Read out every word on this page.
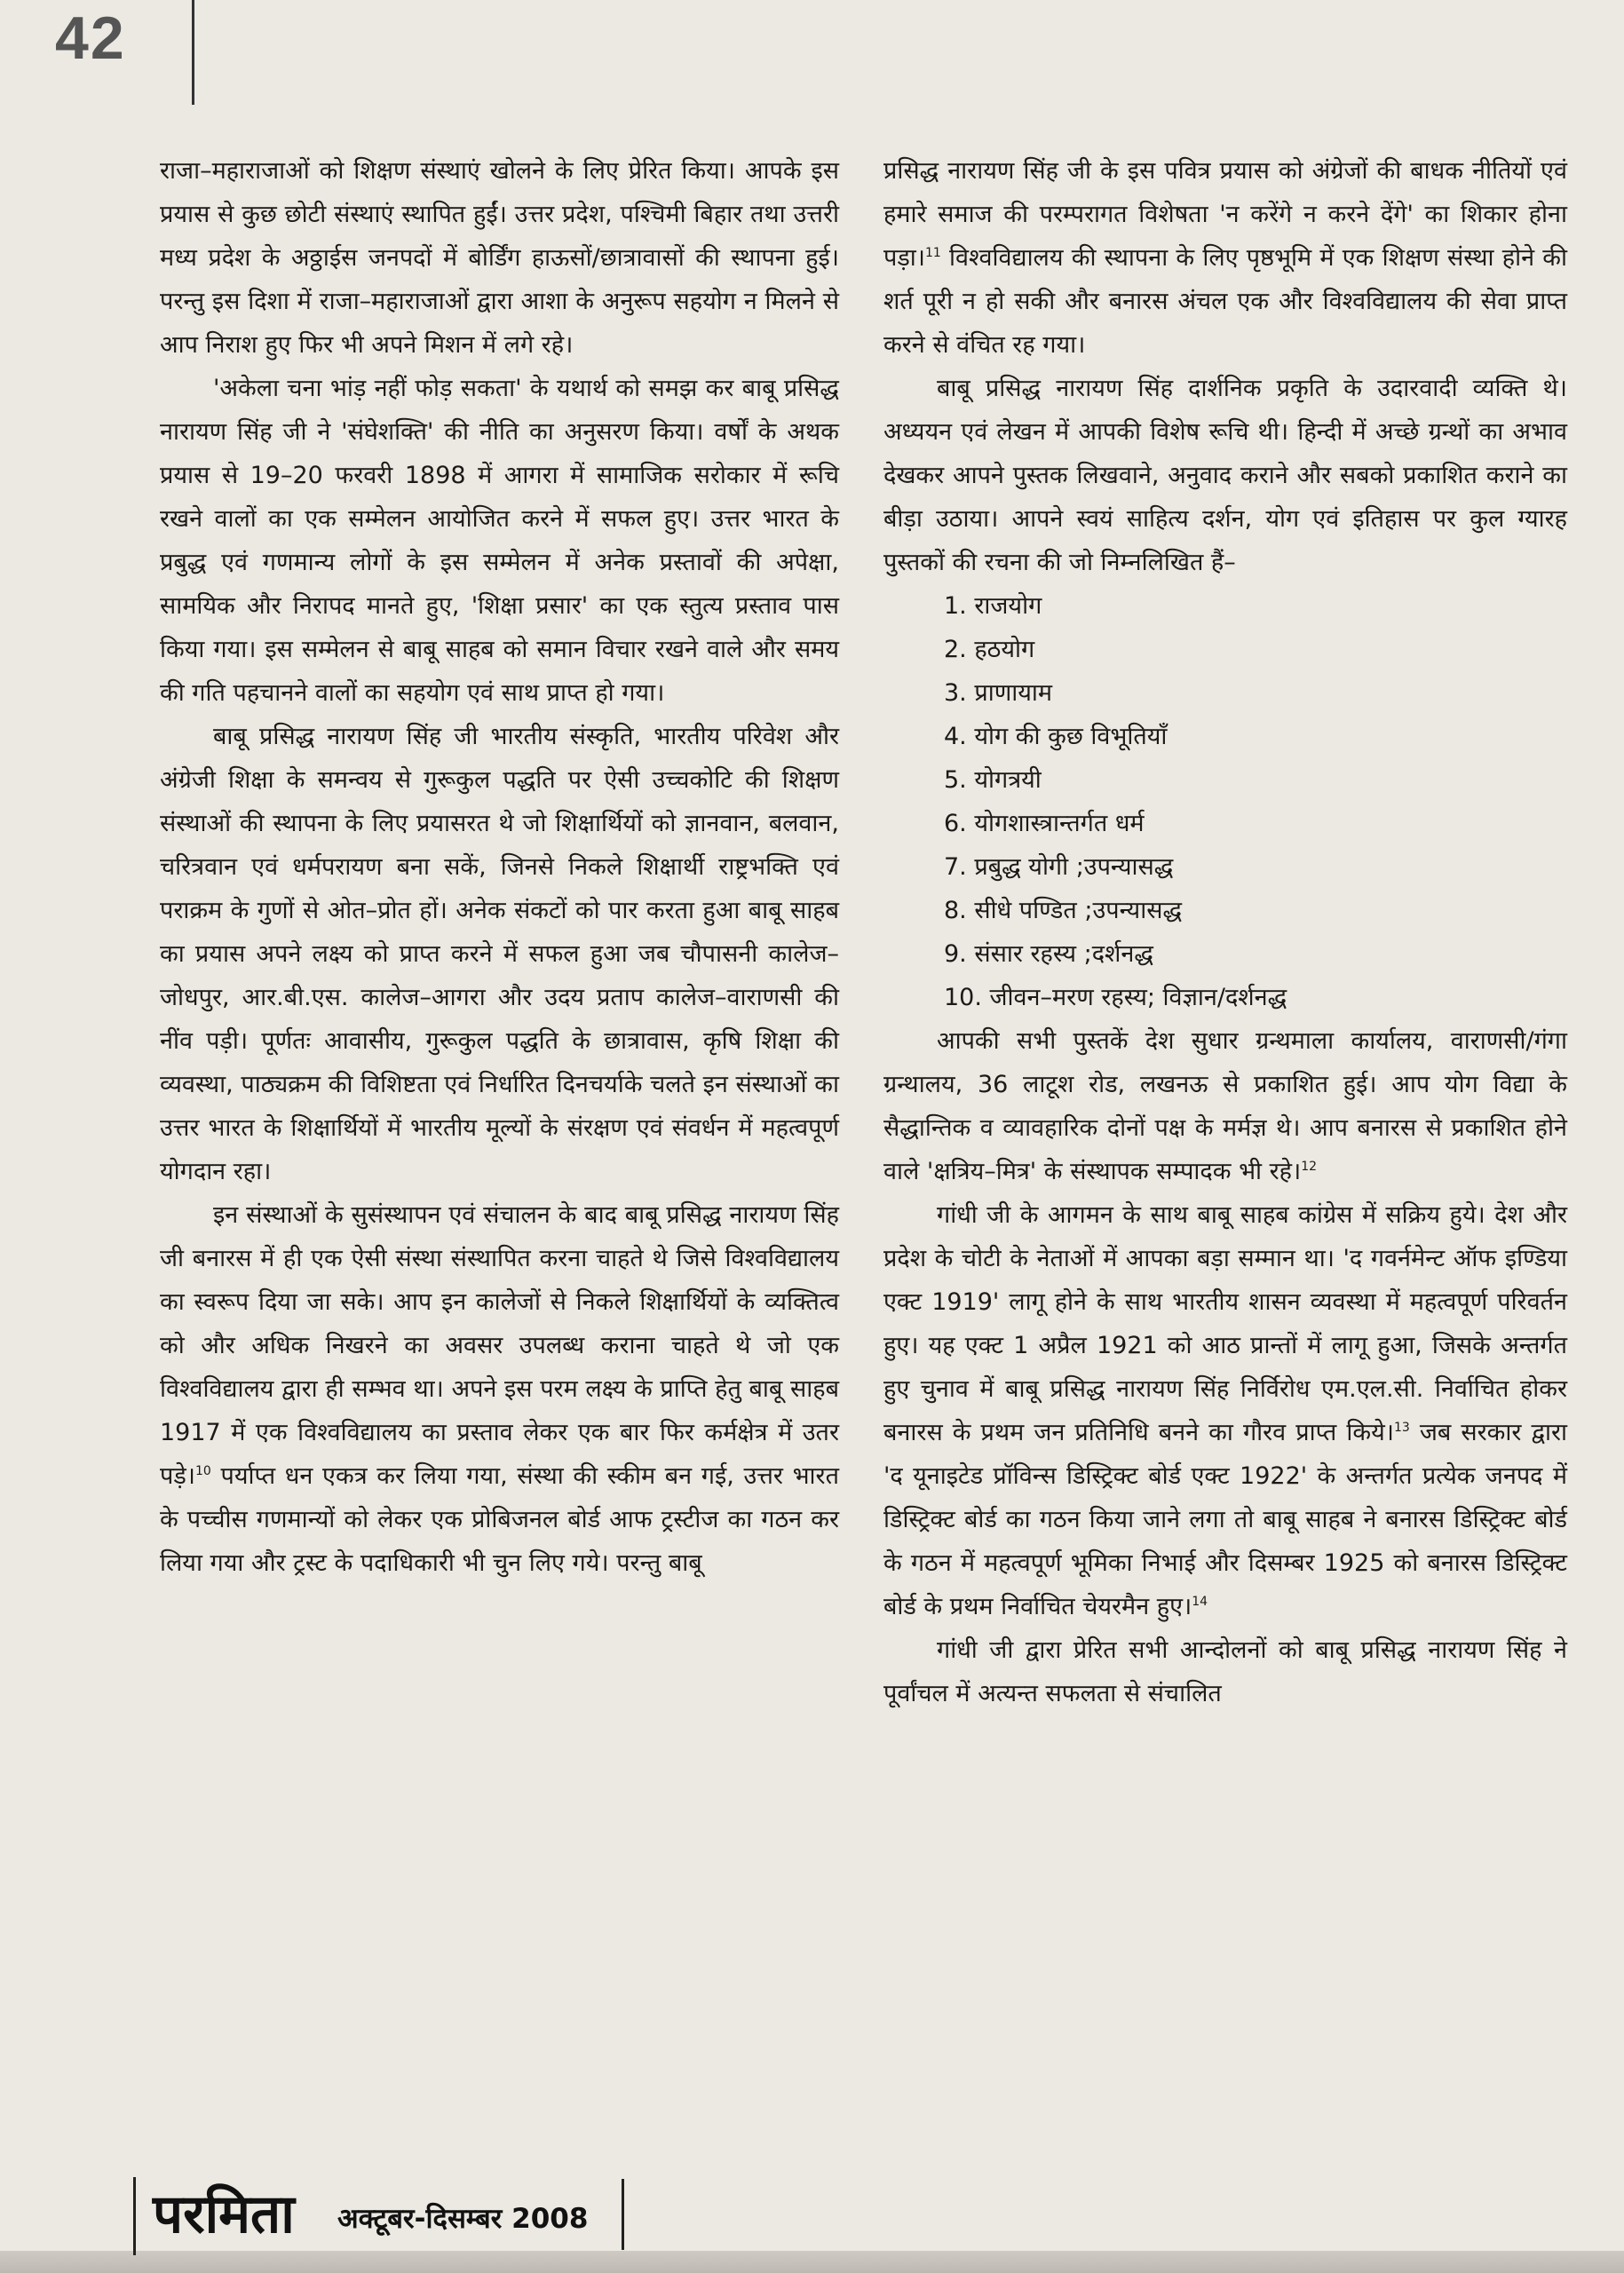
42

राजा–महाराजाओं को शिक्षण संस्थाएं खोलने के लिए प्रेरित किया। आपके इस प्रयास से कुछ छोटी संस्थाएं स्थापित हुईं। उत्तर प्रदेश, पश्चिमी बिहार तथा उत्तरी मध्य प्रदेश के अठ्ठाईस जनपदों में बोर्डिंग हाऊसों/छात्रावासों की स्थापना हुई। परन्तु इस दिशा में राजा–महाराजाओं द्वारा आशा के अनुरूप सहयोग न मिलने से आप निराश हुए फिर भी अपने मिशन में लगे रहे।

'अकेला चना भांड़ नहीं फोड़ सकता' के यथार्थ को समझ कर बाबू प्रसिद्ध नारायण सिंह जी ने 'संघेशक्ति' की नीति का अनुसरण किया। वर्षों के अथक प्रयास से 19–20 फरवरी 1898 में आगरा में सामाजिक सरोकार में रूचि रखने वालों का एक सम्मेलन आयोजित करने में सफल हुए। उत्तर भारत के प्रबुद्ध एवं गणमान्य लोगों के इस सम्मेलन में अनेक प्रस्तावों की अपेक्षा, सामयिक और निरापद मानते हुए, 'शिक्षा प्रसार' का एक स्तुत्य प्रस्ताव पास किया गया। इस सम्मेलन से बाबू साहब को समान विचार रखने वाले और समय की गति पहचानने वालों का सहयोग एवं साथ प्राप्त हो गया।

बाबू प्रसिद्ध नारायण सिंह जी भारतीय संस्कृति, भारतीय परिवेश और अंग्रेजी शिक्षा के समन्वय से गुरूकुल पद्धति पर ऐसी उच्चकोटि की शिक्षण संस्थाओं की स्थापना के लिए प्रयासरत थे जो शिक्षार्थियों को ज्ञानवान, बलवान, चरित्रवान एवं धर्मपरायण बना सकें, जिनसे निकले शिक्षार्थी राष्ट्रभक्ति एवं पराक्रम के गुणों से ओत–प्रोत हों। अनेक संकटों को पार करता हुआ बाबू साहब का प्रयास अपने लक्ष्य को प्राप्त करने में सफल हुआ जब चौपासनी कालेज–जोधपुर, आर.बी.एस. कालेज–आगरा और उदय प्रताप कालेज–वाराणसी की नींव पड़ी। पूर्णतः आवासीय, गुरूकुल पद्धति के छात्रावास, कृषि शिक्षा की व्यवस्था, पाठ्यक्रम की विशिष्टता एवं निर्धारित दिनचर्याके चलते इन संस्थाओं का उत्तर भारत के शिक्षार्थियों में भारतीय मूल्यों के संरक्षण एवं संवर्धन में महत्वपूर्ण योगदान रहा।

इन संस्थाओं के सुसंस्थापन एवं संचालन के बाद बाबू प्रसिद्ध नारायण सिंह जी बनारस में ही एक ऐसी संस्था संस्थापित करना चाहते थे जिसे विश्वविद्यालय का स्वरूप दिया जा सके। आप इन कालेजों से निकले शिक्षार्थियों के व्यक्तित्व को और अधिक निखरने का अवसर उपलब्ध कराना चाहते थे जो एक विश्वविद्यालय द्वारा ही सम्भव था। अपने इस परम लक्ष्य के प्राप्ति हेतु बाबू साहब 1917 में एक विश्वविद्यालय का प्रस्ताव लेकर एक बार फिर कर्मक्षेत्र में उतर पड़े।$^{10}$ पर्याप्त धन एकत्र कर लिया गया, संस्था की स्कीम बन गई, उत्तर भारत के पच्चीस गणमान्यों को लेकर एक प्रोबिजनल बोर्ड आफ ट्रस्टीज का गठन कर लिया गया और ट्रस्ट के पदाधिकारी भी चुन लिए गये। परन्तु बाबू

प्रसिद्ध नारायण सिंह जी के इस पवित्र प्रयास को अंग्रेजों की बाधक नीतियों एवं हमारे समाज की परम्परागत विशेषता 'न करेंगे न करने देंगे' का शिकार होना पड़ा।$^{11}$ विश्वविद्यालय की स्थापना के लिए पृष्ठभूमि में एक शिक्षण संस्था होने की शर्त पूरी न हो सकी और बनारस अंचल एक और विश्वविद्यालय की सेवा प्राप्त करने से वंचित रह गया।

बाबू प्रसिद्ध नारायण सिंह दार्शनिक प्रकृति के उदारवादी व्यक्ति थे। अध्ययन एवं लेखन में आपकी विशेष रूचि थी। हिन्दी में अच्छे ग्रन्थों का अभाव देखकर आपने पुस्तक लिखवाने, अनुवाद कराने और सबको प्रकाशित कराने का बीड़ा उठाया। आपने स्वयं साहित्य दर्शन, योग एवं इतिहास पर कुल ग्यारह पुस्तकों की रचना की जो निम्नलिखित हैं–

1. राजयोग
2. हठयोग
3. प्राणायाम
4. योग की कुछ विभूतियाँ
5. योगत्रयी
6. योगशास्त्रान्तर्गत धर्म
7. प्रबुद्ध योगी ;उपन्यासद्ध
8. सीधे पण्डित ;उपन्यासद्ध
9. संसार रहस्य ;दर्शनद्ध
10. जीवन–मरण रहस्य; विज्ञान/दर्शनद्ध

आपकी सभी पुस्तकें देश सुधार ग्रन्थमाला कार्यालय, वाराणसी/गंगा ग्रन्थालय, 36 लाटूश रोड, लखनऊ से प्रकाशित हुई। आप योग विद्या के सैद्धान्तिक व व्यावहारिक दोनों पक्ष के मर्मज्ञ थे। आप बनारस से प्रकाशित होने वाले 'क्षत्रिय–मित्र' के संस्थापक सम्पादक भी रहे।$^{12}$

गांधी जी के आगमन के साथ बाबू साहब कांग्रेस में सक्रिय हुये। देश और प्रदेश के चोटी के नेताओं में आपका बड़ा सम्मान था। 'द गवर्नमेन्ट ऑफ इण्डिया एक्ट 1919' लागू होने के साथ भारतीय शासन व्यवस्था में महत्वपूर्ण परिवर्तन हुए। यह एक्ट 1 अप्रैल 1921 को आठ प्रान्तों में लागू हुआ, जिसके अन्तर्गत हुए चुनाव में बाबू प्रसिद्ध नारायण सिंह निर्विरोध एम.एल.सी. निर्वाचित होकर बनारस के प्रथम जन प्रतिनिधि बनने का गौरव प्राप्त किये।$^{13}$ जब सरकार द्वारा 'द यूनाइटेड प्रॉविन्स डिस्ट्रिक्ट बोर्ड एक्ट 1922' के अन्तर्गत प्रत्येक जनपद में डिस्ट्रिक्ट बोर्ड का गठन किया जाने लगा तो बाबू साहब ने बनारस डिस्ट्रिक्ट बोर्ड के गठन में महत्वपूर्ण भूमिका निभाई और दिसम्बर 1925 को बनारस डिस्ट्रिक्ट बोर्ड के प्रथम निर्वाचित चेयरमैन हुए।$^{14}$

गांधी जी द्वारा प्रेरित सभी आन्दोलनों को बाबू प्रसिद्ध नारायण सिंह ने पूर्वांचल में अत्यन्त सफलता से संचालित

परमिता अक्टूबर-दिसम्बर 2008
